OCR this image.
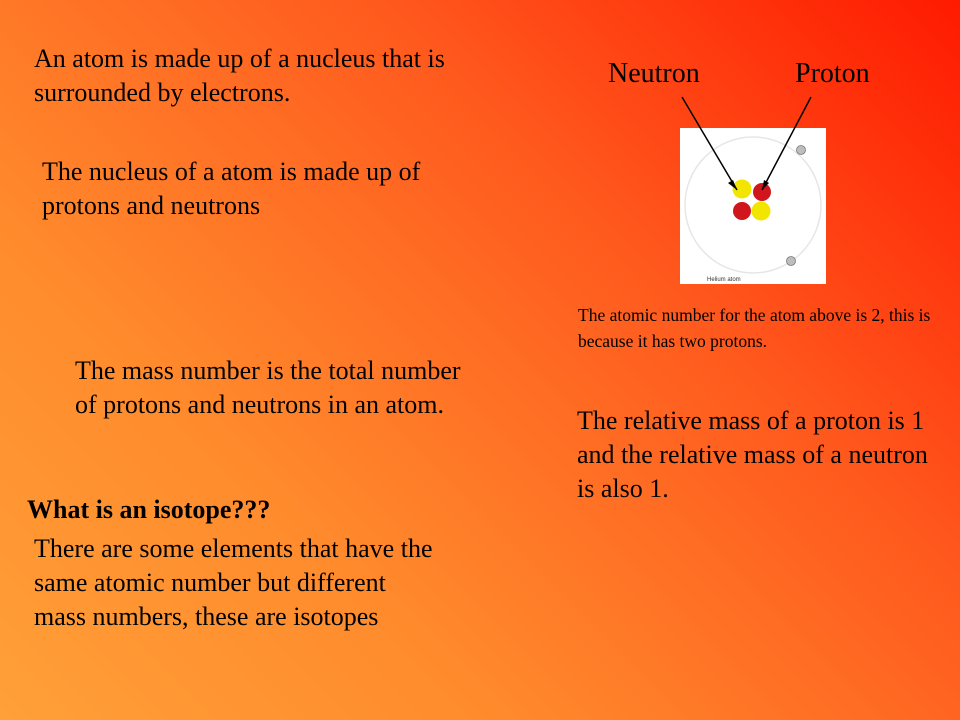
An atom is made up of a nucleus that is surrounded by electrons.
The nucleus of a atom is made up of protons and neutrons
The mass number is the total number of protons and neutrons in an atom.
What is an isotope???
There are some elements that have the same atomic number but different mass numbers, these are isotopes
The atomic number for the atom above is 2, this is because it has two protons.
The relative mass of a proton is 1 and the relative mass of a neutron is also 1.
Neutron	Proton
Helium atom
